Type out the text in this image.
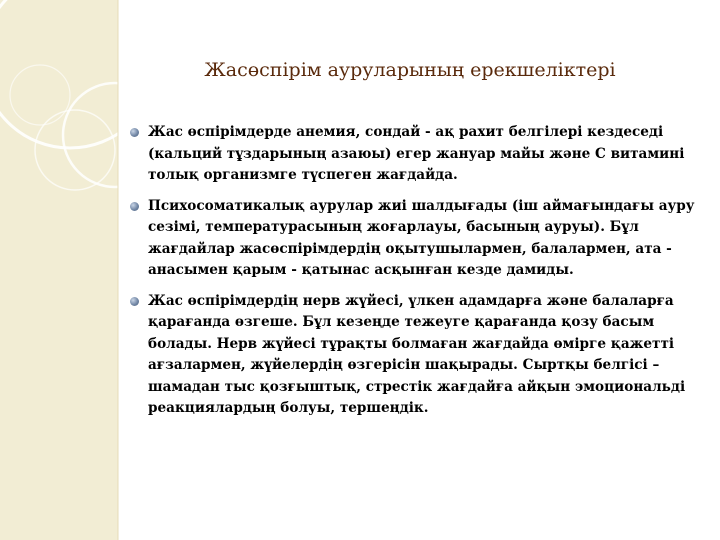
Жасөспірім ауруларының ерекшеліктері
Жас өспірімдерде анемия, сондай - ақ рахит белгілері кездеседі (кальций тұздарының азаюы) егер жануар майы және С витамині толық организмге түспеген жағдайда.
Психосоматикалық аурулар жиі шалдығады (іш аймағындағы ауру сезімі, температурасының жоғарлауы, басының ауруы). Бұл жағдайлар жасөспірімдердің оқытушылармен, балалармен, ата - анасымен қарым - қатынас асқынған кезде дамиды.
Жас өспірімдердің нерв жүйесі, үлкен адамдарға және балаларға қарағанда өзгеше. Бұл кезеңде тежеуге қарағанда қозу басым болады. Нерв жүйесі тұрақты болмаған жағдайда өмірге қажетті ағзалармен, жүйелердің өзгерісін шақырады. Сыртқы белгісі – шамадан тыс қозғыштық, стрестік жағдайға айқын эмоциональді реакциялардың болуы, тершеңдік.
